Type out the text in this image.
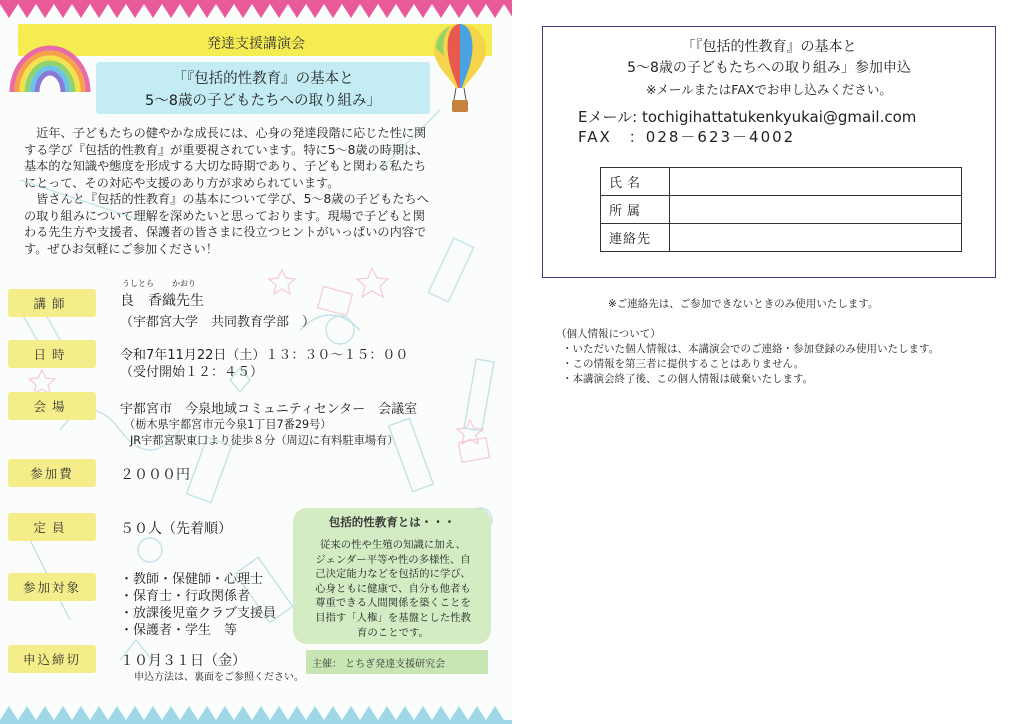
発達支援講演会
「『包括的性教育』の基本と
5～8歳の子どもたちへの取り組み」
　近年、子どもたちの健やかな成長には、心身の発達段階に応じた性に関
する学び『包括的性教育』が重要視されています。特に5～8歳の時期は、
基本的な知識や態度を形成する大切な時期であり、子どもと関わる私たち
にとって、その対応や支援のあり方が求められています。
　皆さんと『包括的性教育』の基本について学び、5～8歳の子どもたちへ
の取り組みについて理解を深めたいと思っております。現場で子どもと関
わる先生方や支援者、保護者の皆さまに役立つヒントがいっぱいの内容で
す。ぜひお気軽にご参加ください！
講師
うしとら かおり
良　香織先生
（宇都宮大学　共同教育学部　）
日時	令和7年11月22日（土）１３：３０～１５：００
（受付開始１２：４５）
会場	宇都宮市　今泉地域コミュニティセンター　会議室
（栃木県宇都宮市元今泉1丁目7番29号）
JR宇都宮駅東口より徒歩８分（周辺に有料駐車場有）
参加費	２０００円
定員	５０人（先着順）
参加対象
・教師・保健師・心理士
・保育士・行政関係者
・放課後児童クラブ支援員
・保護者・学生　等
申込締切	１０月３１日（金）
申込方法は、裏面をご参照ください。
包括的性教育とは・・・
従来の性や生殖の知識に加え、
ジェンダー平等や性の多様性、自
己決定能力などを包括的に学び、
心身ともに健康で、自分も他者も
尊重できる人間関係を築くことを
目指す「人権」を基盤とした性教
育のことです。
主催： とちぎ発達支援研究会
「『包括的性教育』の基本と
5～8歳の子どもたちへの取り組み」参加申込
※メールまたはFAXでお申し込みください。
Eメール: tochigihattatukenkyukai@gmail.com
FAX　：028－623－4002
氏名	
所属	
連絡先	
※ご連絡先は、ご参加できないときのみ使用いたします。
（個人情報について）
・いただいた個人情報は、本講演会でのご連絡・参加登録のみ使用いたします。
・この情報を第三者に提供することはありません。
・本講演会終了後、この個人情報は破棄いたします。
